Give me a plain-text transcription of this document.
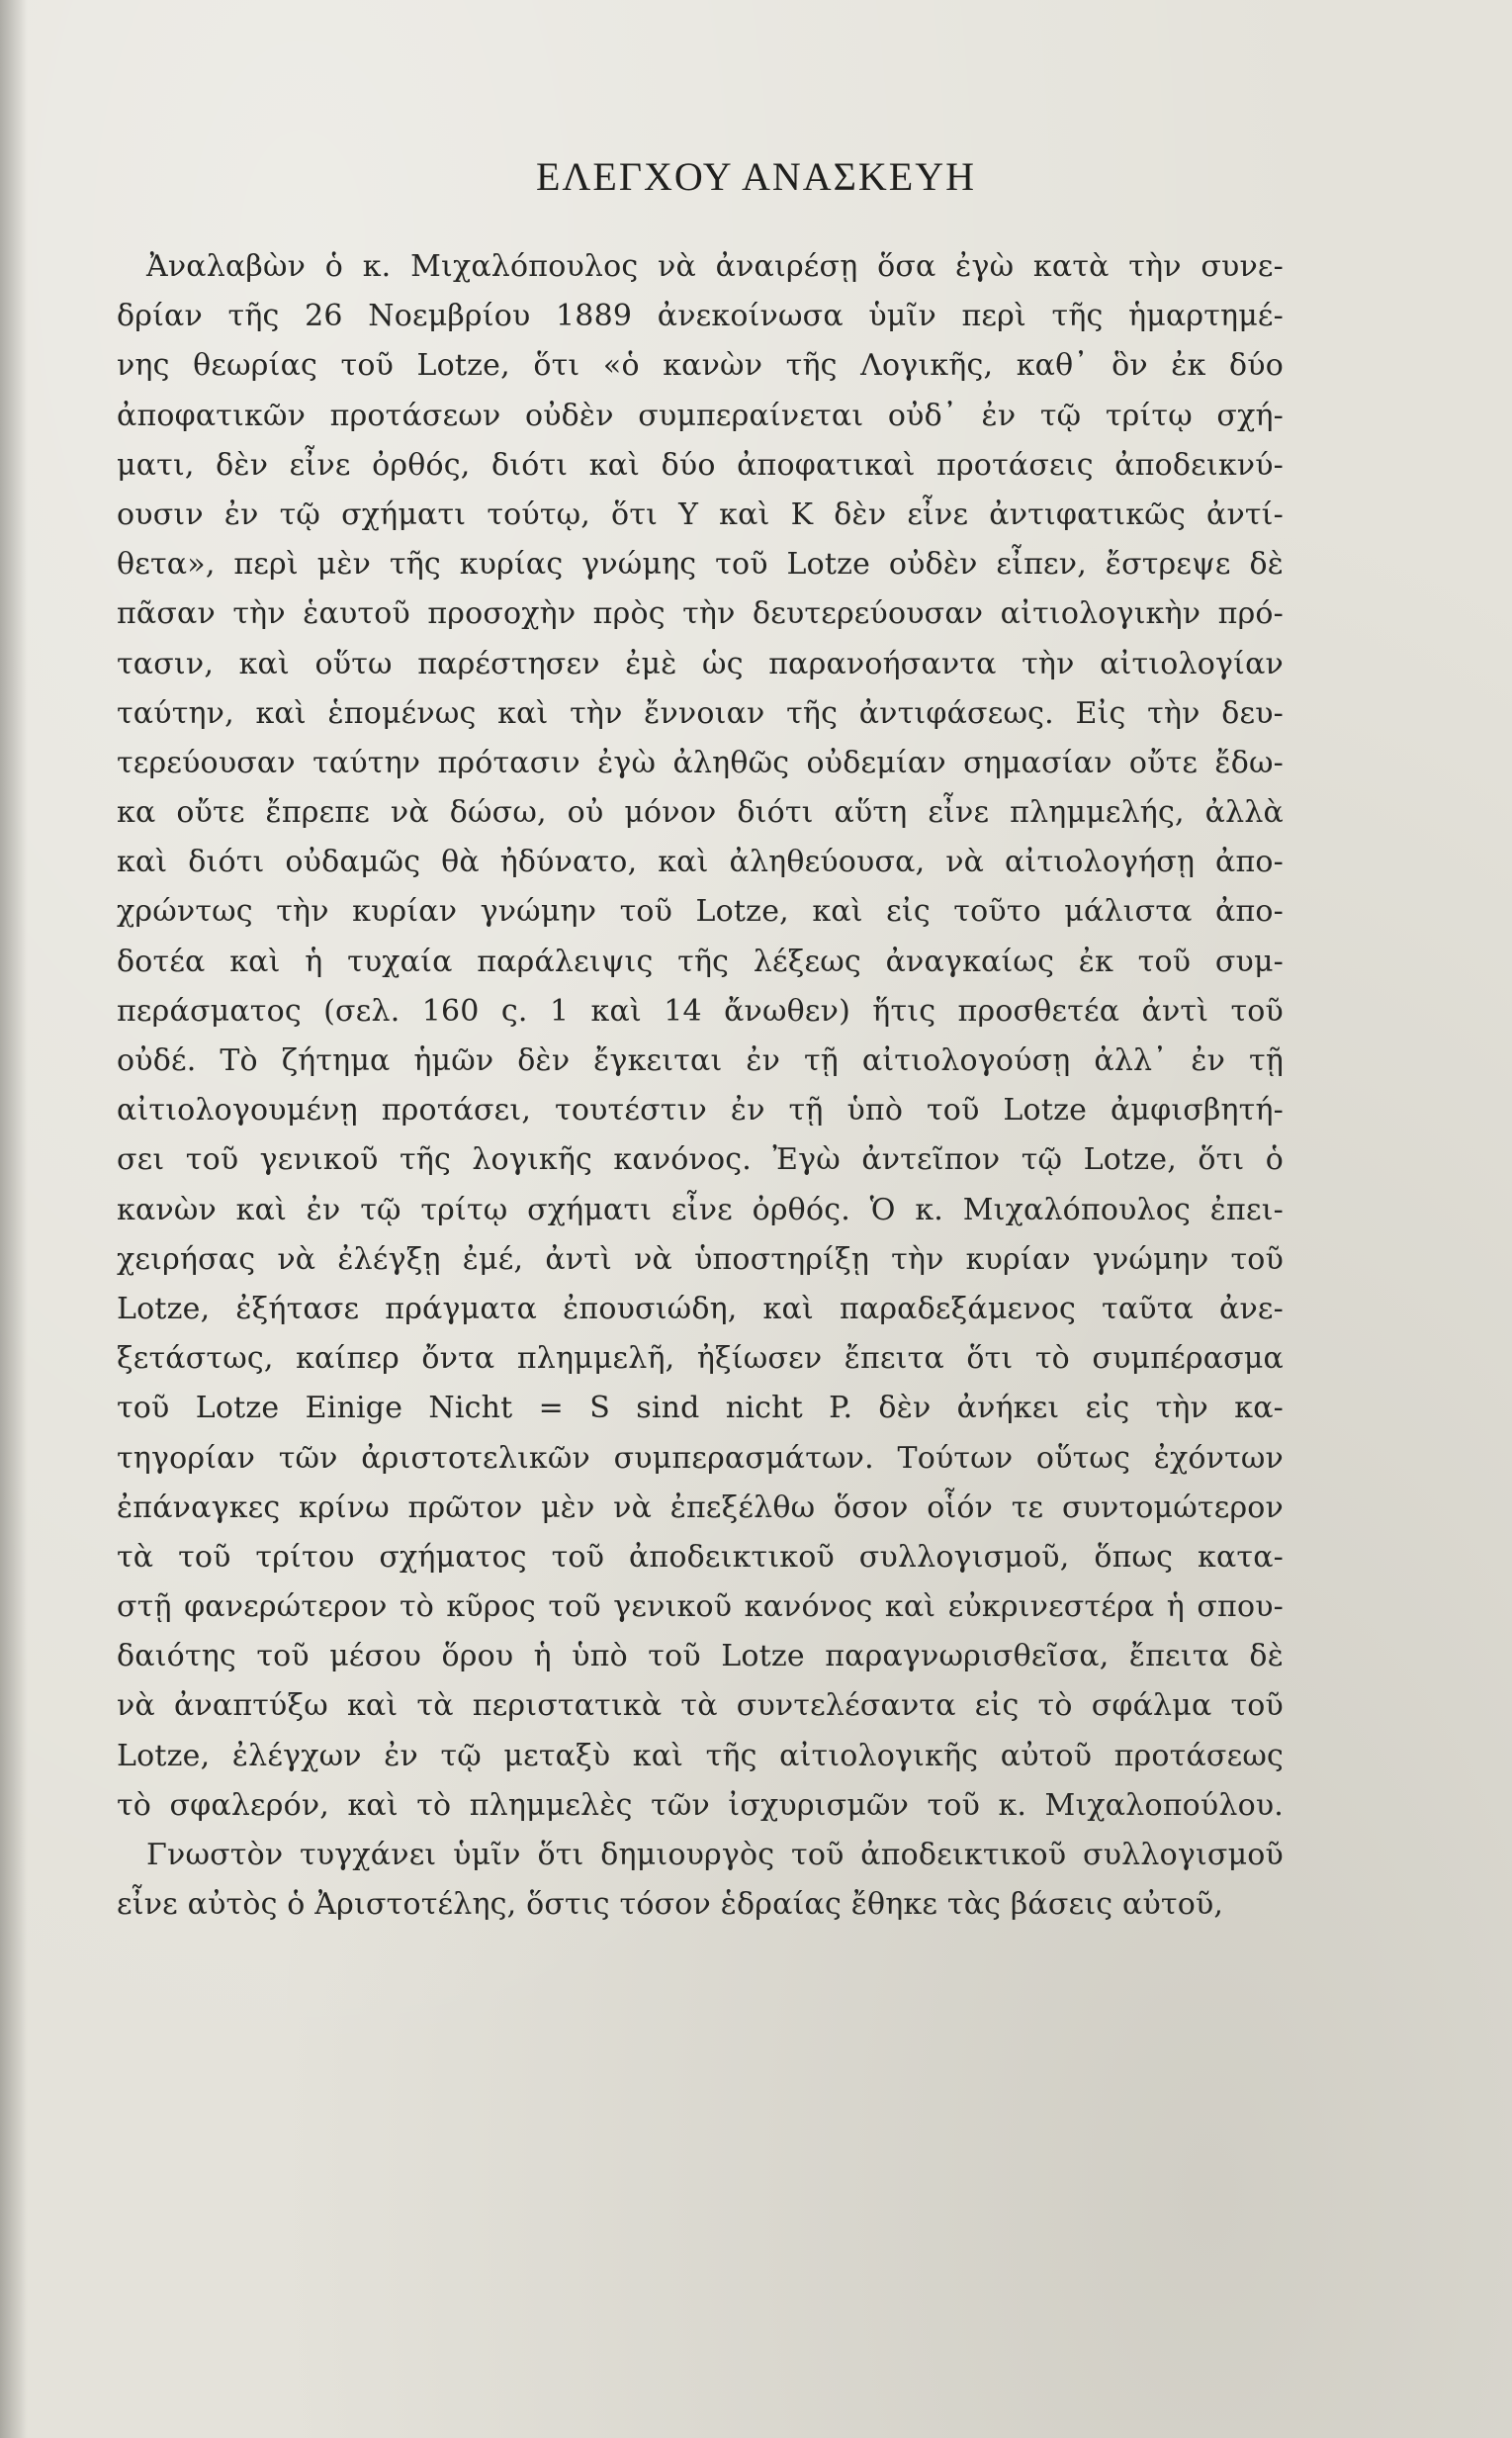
ΕΛΕΓΧΟΥ ΑΝΑΣΚΕΥΗ
Ἀναλαβὼν ὁ κ. Μιχαλόπουλος νὰ ἀναιρέσῃ ὅσα ἐγὼ κατὰ τὴν συνε-
δρίαν τῆς 26 Νοεμβρίου 1889 ἀνεκοίνωσα ὑμῖν περὶ τῆς ἡμαρτημέ-
νης θεωρίας τοῦ Lotze, ὅτι «ὁ κανὼν τῆς Λογικῆς, καθ᾽ ὃν ἐκ δύο
ἀποφατικῶν προτάσεων οὐδὲν συμπεραίνεται οὐδ᾽ ἐν τῷ τρίτῳ σχή-
ματι, δὲν εἶνε ὀρθός, διότι καὶ δύο ἀποφατικαὶ προτάσεις ἀποδεικνύ-
ουσιν ἐν τῷ σχήματι τούτῳ, ὅτι Υ καὶ Κ δὲν εἶνε ἀντιφατικῶς ἀντί-
θετα», περὶ μὲν τῆς κυρίας γνώμης τοῦ Lotze οὐδὲν εἶπεν, ἔστρεψε δὲ
πᾶσαν τὴν ἑαυτοῦ προσοχὴν πρὸς τὴν δευτερεύουσαν αἰτιολογικὴν πρό-
τασιν, καὶ οὕτω παρέστησεν ἐμὲ ὡς παρανοήσαντα τὴν αἰτιολογίαν
ταύτην, καὶ ἑπομένως καὶ τὴν ἔννοιαν τῆς ἀντιφάσεως. Εἰς τὴν δευ-
τερεύουσαν ταύτην πρότασιν ἐγὼ ἀληθῶς οὐδεμίαν σημασίαν οὔτε ἔδω-
κα οὔτε ἔπρεπε νὰ δώσω, οὐ μόνον διότι αὕτη εἶνε πλημμελής, ἀλλὰ
καὶ διότι οὐδαμῶς θὰ ἠδύνατο, καὶ ἀληθεύουσα, νὰ αἰτιολογήσῃ ἀπο-
χρώντως τὴν κυρίαν γνώμην τοῦ Lotze, καὶ εἰς τοῦτο μάλιστα ἀπο-
δοτέα καὶ ἡ τυχαία παράλειψις τῆς λέξεως ἀναγκαίως ἐκ τοῦ συμ-
περάσματος (σελ. 160 ς. 1 καὶ 14 ἄνωθεν) ἥτις προσθετέα ἀντὶ τοῦ
οὐδέ. Τὸ ζήτημα ἡμῶν δὲν ἔγκειται ἐν τῇ αἰτιολογούσῃ ἀλλ᾽ ἐν τῇ
αἰτιολογουμένῃ προτάσει, τουτέστιν ἐν τῇ ὑπὸ τοῦ Lotze ἀμφισβητή-
σει τοῦ γενικοῦ τῆς λογικῆς κανόνος. Ἐγὼ ἀντεῖπον τῷ Lotze, ὅτι ὁ
κανὼν καὶ ἐν τῷ τρίτῳ σχήματι εἶνε ὀρθός. Ὁ κ. Μιχαλόπουλος ἐπει-
χειρήσας νὰ ἐλέγξῃ ἐμέ, ἀντὶ νὰ ὑποστηρίξῃ τὴν κυρίαν γνώμην τοῦ
Lotze, ἐξήτασε πράγματα ἐπουσιώδη, καὶ παραδεξάμενος ταῦτα ἀνε-
ξετάστως, καίπερ ὄντα πλημμελῆ, ἠξίωσεν ἔπειτα ὅτι τὸ συμπέρασμα
τοῦ Lotze Einige Nicht = S sind nicht P. δὲν ἀνήκει εἰς τὴν κα-
τηγορίαν τῶν ἀριστοτελικῶν συμπερασμάτων. Τούτων οὕτως ἐχόντων
ἐπάναγκες κρίνω πρῶτον μὲν νὰ ἐπεξέλθω ὅσον οἷόν τε συντομώτερον
τὰ τοῦ τρίτου σχήματος τοῦ ἀποδεικτικοῦ συλλογισμοῦ, ὅπως κατα-
στῇ φανερώτερον τὸ κῦρος τοῦ γενικοῦ κανόνος καὶ εὐκρινεστέρα ἡ σπου-
δαιότης τοῦ μέσου ὅρου ἡ ὑπὸ τοῦ Lotze παραγνωρισθεῖσα, ἔπειτα δὲ
νὰ ἀναπτύξω καὶ τὰ περιστατικὰ τὰ συντελέσαντα εἰς τὸ σφάλμα τοῦ
Lotze, ἐλέγχων ἐν τῷ μεταξὺ καὶ τῆς αἰτιολογικῆς αὐτοῦ προτάσεως
τὸ σφαλερόν, καὶ τὸ πλημμελὲς τῶν ἰσχυρισμῶν τοῦ κ. Μιχαλοπούλου.
Γνωστὸν τυγχάνει ὑμῖν ὅτι δημιουργὸς τοῦ ἀποδεικτικοῦ συλλογισμοῦ
εἶνε αὐτὸς ὁ Ἀριστοτέλης, ὅστις τόσον ἑδραίας ἔθηκε τὰς βάσεις αὐτοῦ,
